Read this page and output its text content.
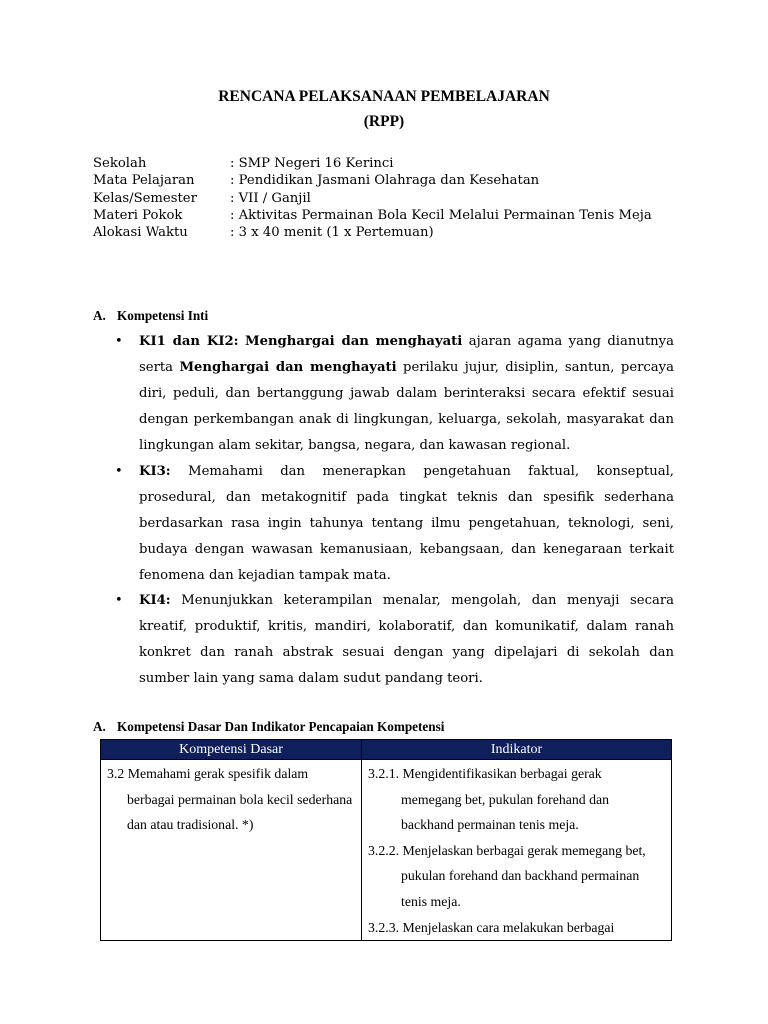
RENCANA PELAKSANAAN PEMBELAJARAN
(RPP)
Sekolah	: SMP Negeri 16 Kerinci
Mata Pelajaran	: Pendidikan Jasmani Olahraga dan Kesehatan
Kelas/Semester	: VII / Ganjil
Materi Pokok	: Aktivitas Permainan Bola Kecil Melalui Permainan Tenis Meja
Alokasi Waktu	: 3 x 40 menit (1 x Pertemuan)
A. Kompetensi Inti
• KI1 dan KI2: Menghargai dan menghayati ajaran agama yang dianutnya serta Menghargai dan menghayati perilaku jujur, disiplin, santun, percaya diri, peduli, dan bertanggung jawab dalam berinteraksi secara efektif sesuai dengan perkembangan anak di lingkungan, keluarga, sekolah, masyarakat dan lingkungan alam sekitar, bangsa, negara, dan kawasan regional.
• KI3: Memahami dan menerapkan pengetahuan faktual, konseptual, prosedural, dan metakognitif pada tingkat teknis dan spesifik sederhana berdasarkan rasa ingin tahunya tentang ilmu pengetahuan, teknologi, seni, budaya dengan wawasan kemanusiaan, kebangsaan, dan kenegaraan terkait fenomena dan kejadian tampak mata.
• KI4: Menunjukkan keterampilan menalar, mengolah, dan menyaji secara kreatif, produktif, kritis, mandiri, kolaboratif, dan komunikatif, dalam ranah konkret dan ranah abstrak sesuai dengan yang dipelajari di sekolah dan sumber lain yang sama dalam sudut pandang teori.
A. Kompetensi Dasar Dan Indikator Pencapaian Kompetensi
Kompetensi Dasar	Indikator

3.2 Memahami gerak spesifik dalam berbagai permainan bola kecil sederhana dan atau tradisional. *)	3.2.1. Mengidentifikasikan berbagai gerak memegang bet, pukulan forehand dan backhand permainan tenis meja.
3.2.2. Menjelaskan berbagai gerak memegang bet, pukulan forehand dan backhand permainan tenis meja.
3.2.3. Menjelaskan cara melakukan berbagai
